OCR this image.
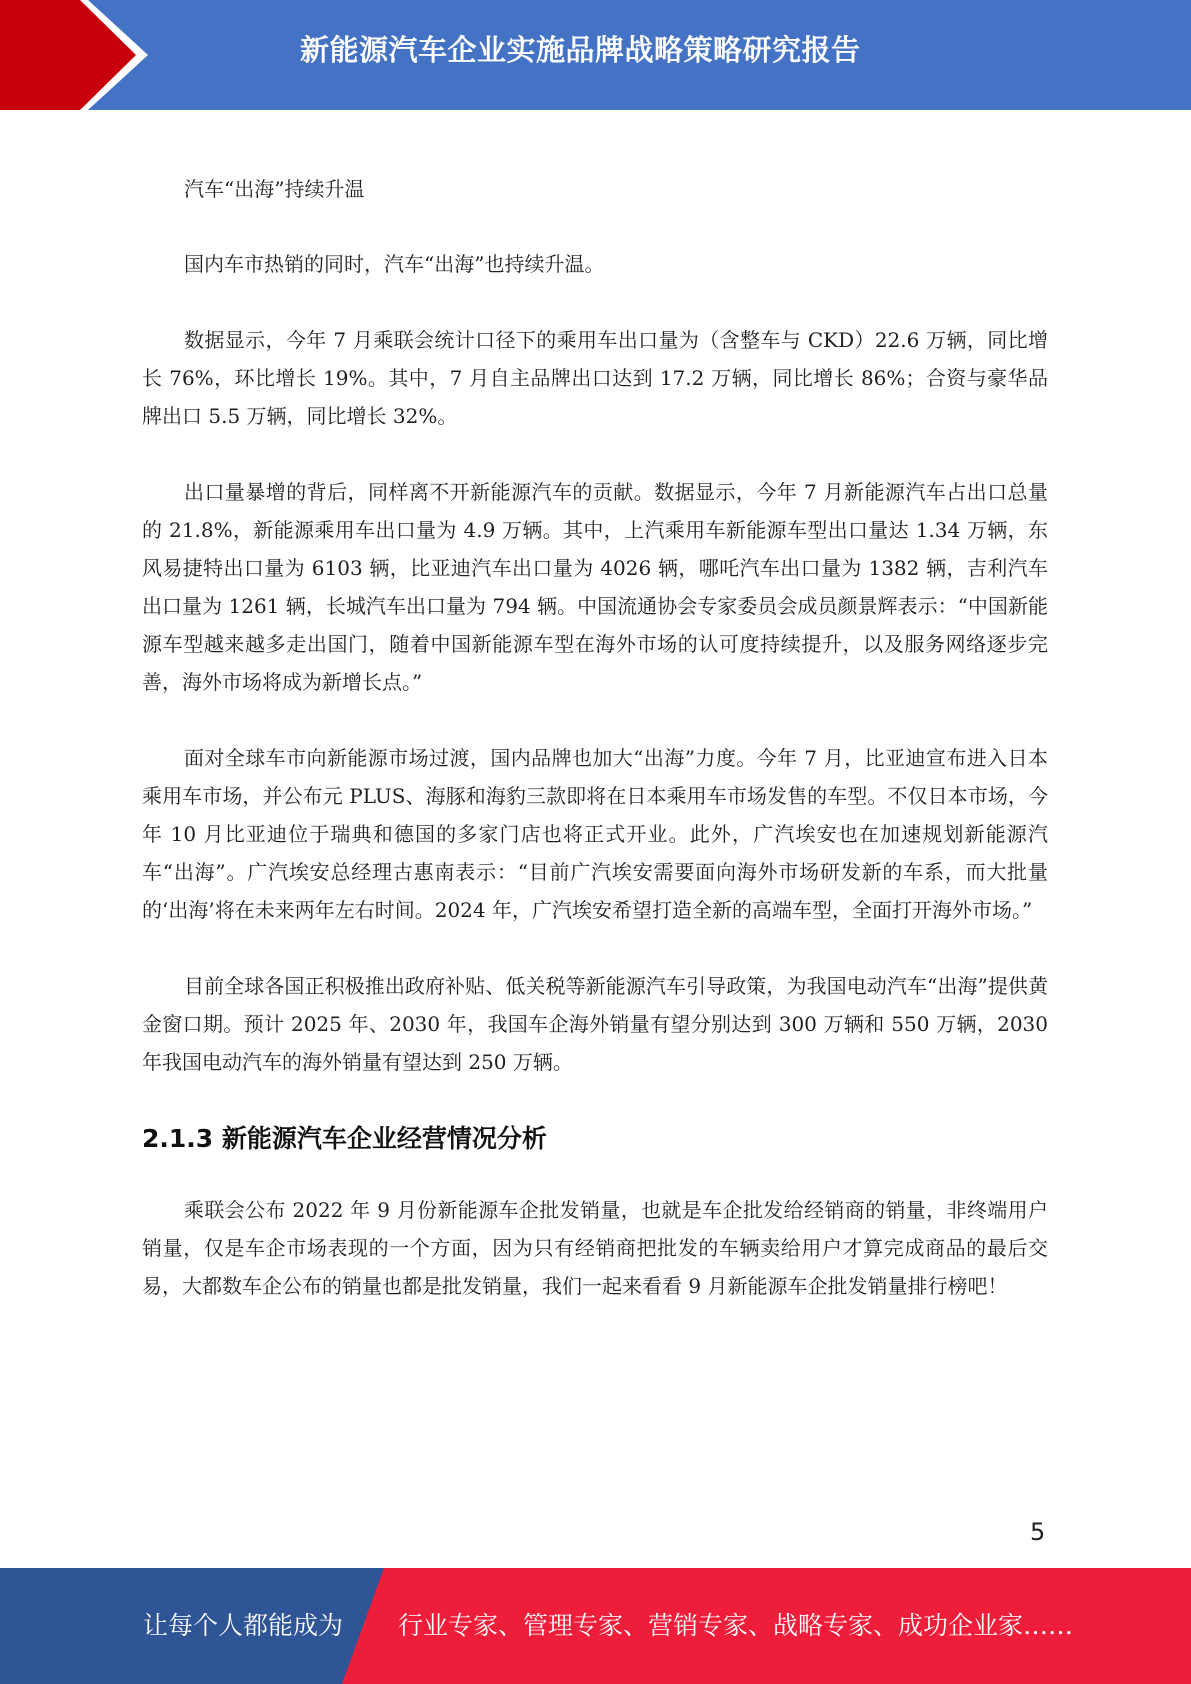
新能源汽车企业实施品牌战略策略研究报告

汽车“出海”持续升温

国内车市热销的同时，汽车“出海”也持续升温。

数据显示，今年 7 月乘联会统计口径下的乘用车出口量为（含整车与 CKD）22.6 万辆，同比增长 76%，环比增长 19%。其中，7 月自主品牌出口达到 17.2 万辆，同比增长 86%；合资与豪华品牌出口 5.5 万辆，同比增长 32%。

出口量暴增的背后，同样离不开新能源汽车的贡献。数据显示，今年 7 月新能源汽车占出口总量的 21.8%，新能源乘用车出口量为 4.9 万辆。其中，上汽乘用车新能源车型出口量达 1.34 万辆，东风易捷特出口量为 6103 辆，比亚迪汽车出口量为 4026 辆，哪吒汽车出口量为 1382 辆，吉利汽车出口量为 1261 辆，长城汽车出口量为 794 辆。中国流通协会专家委员会成员颜景辉表示：“中国新能源车型越来越多走出国门，随着中国新能源车型在海外市场的认可度持续提升，以及服务网络逐步完善，海外市场将成为新增长点。”

面对全球车市向新能源市场过渡，国内品牌也加大“出海”力度。今年 7 月，比亚迪宣布进入日本乘用车市场，并公布元 PLUS、海豚和海豹三款即将在日本乘用车市场发售的车型。不仅日本市场，今年 10 月比亚迪位于瑞典和德国的多家门店也将正式开业。此外，广汽埃安也在加速规划新能源汽车“出海”。广汽埃安总经理古惠南表示：“目前广汽埃安需要面向海外市场研发新的车系，而大批量的‘出海’将在未来两年左右时间。2024 年，广汽埃安希望打造全新的高端车型，全面打开海外市场。”

目前全球各国正积极推出政府补贴、低关税等新能源汽车引导政策，为我国电动汽车“出海”提供黄金窗口期。预计 2025 年、2030 年，我国车企海外销量有望分别达到 300 万辆和 550 万辆，2030 年我国电动汽车的海外销量有望达到 250 万辆。

2.1.3 新能源汽车企业经营情况分析

乘联会公布 2022 年 9 月份新能源车企批发销量，也就是车企批发给经销商的销量，非终端用户销量，仅是车企市场表现的一个方面，因为只有经销商把批发的车辆卖给用户才算完成商品的最后交易，大都数车企公布的销量也都是批发销量，我们一起来看看 9 月新能源车企批发销量排行榜吧！

5
让每个人都能成为 行业专家、管理专家、营销专家、战略专家、成功企业家……
